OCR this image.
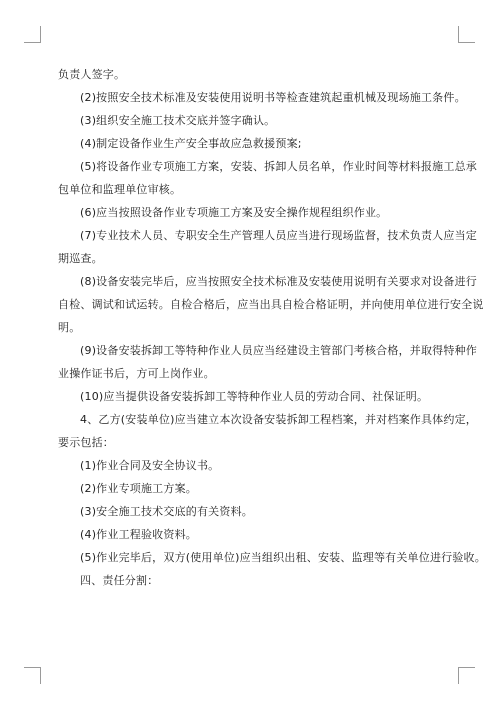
负责人签字。
(2)按照安全技术标准及安装使用说明书等检查建筑起重机械及现场施工条件。
(3)组织安全施工技术交底并签字确认。
(4)制定设备作业生产安全事故应急救援预案;
(5)将设备作业专项施工方案，安装、拆卸人员名单，作业时间等材料报施工总承
包单位和监理单位审核。
(6)应当按照设备作业专项施工方案及安全操作规程组织作业。
(7)专业技术人员、专职安全生产管理人员应当进行现场监督，技术负责人应当定
期巡查。
(8)设备安装完毕后，应当按照安全技术标准及安装使用说明有关要求对设备进行
自检、调试和试运转。自检合格后，应当出具自检合格证明，并向使用单位进行安全说
明。
(9)设备安装拆卸工等特种作业人员应当经建设主管部门考核合格，并取得特种作
业操作证书后，方可上岗作业。
(10)应当提供设备安装拆卸工等特种作业人员的劳动合同、社保证明。
4、乙方(安装单位)应当建立本次设备安装拆卸工程档案，并对档案作具体约定，
要示包括：
(1)作业合同及安全协议书。
(2)作业专项施工方案。
(3)安全施工技术交底的有关资料。
(4)作业工程验收资料。
(5)作业完毕后，双方(使用单位)应当组织出租、安装、监理等有关单位进行验收。
四、责任分割：
